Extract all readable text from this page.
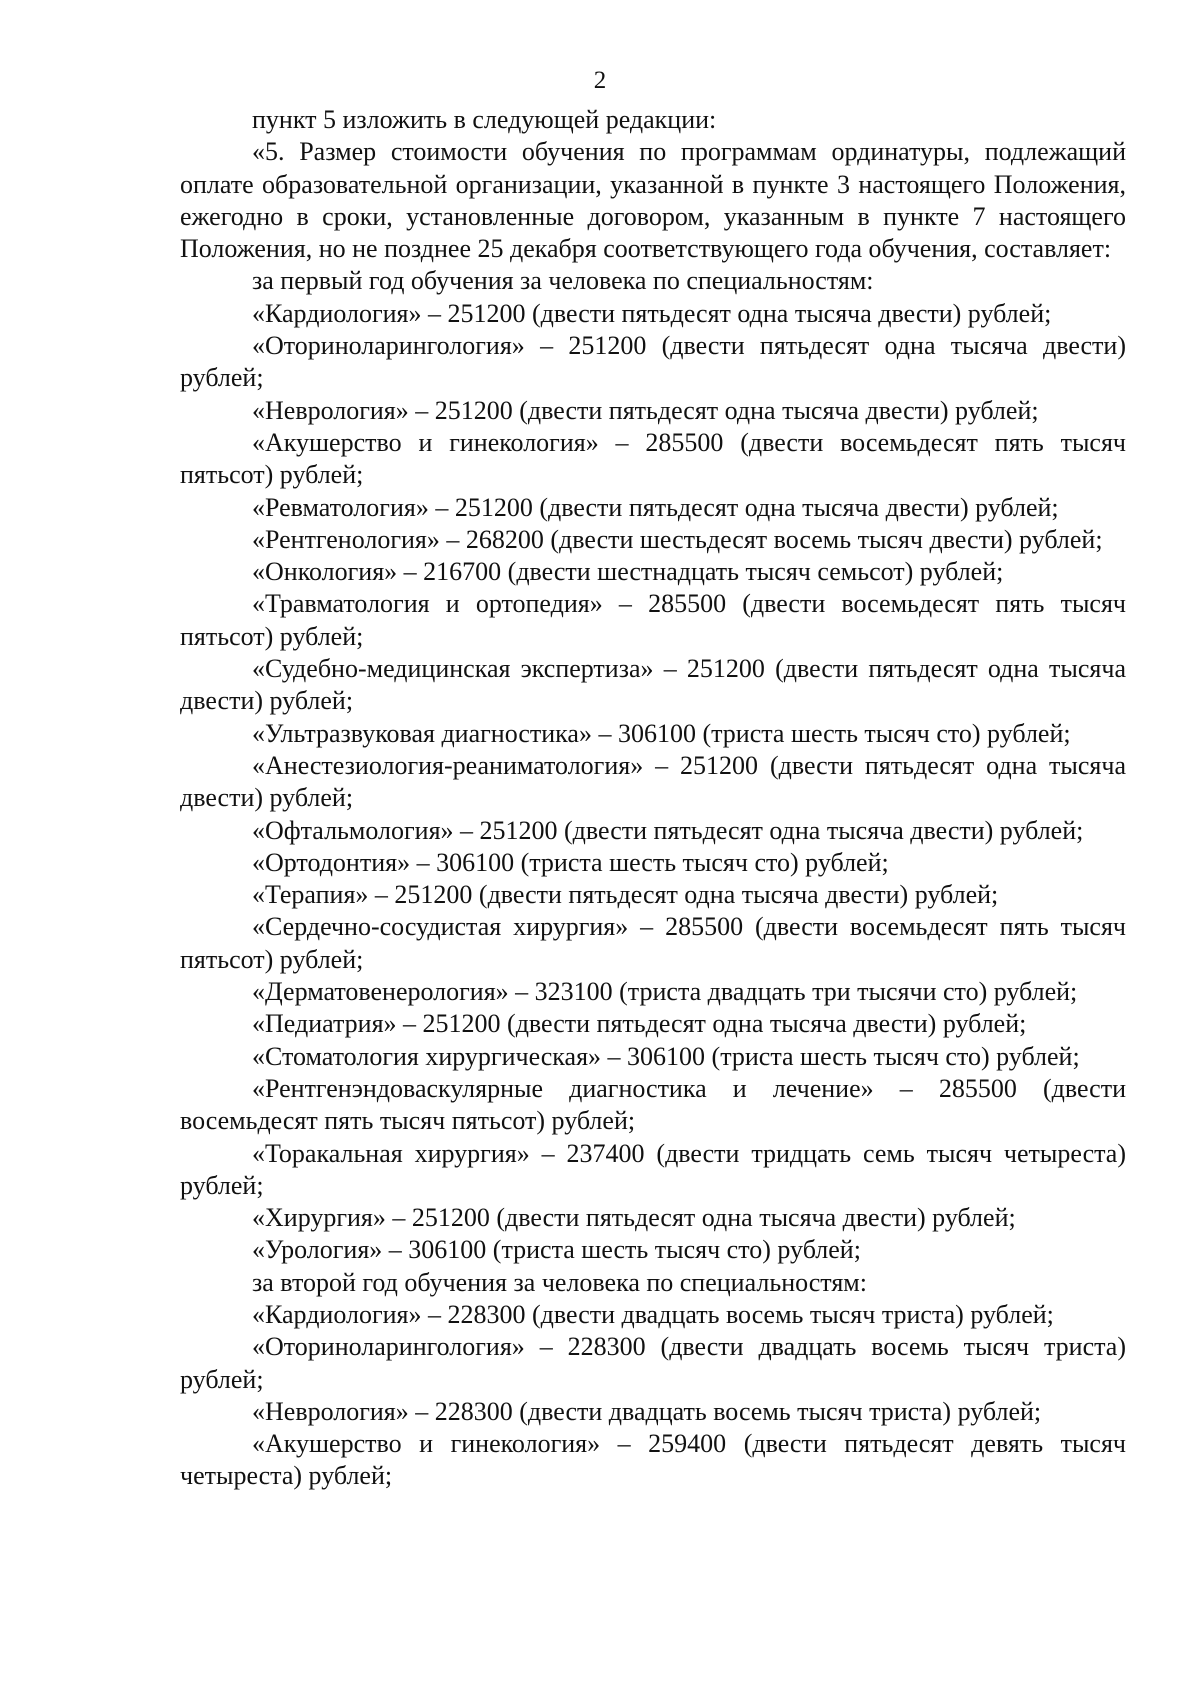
2

пункт 5 изложить в следующей редакции:

«5. Размер стоимости обучения по программам ординатуры, подлежащий оплате образовательной организации, указанной в пункте 3 настоящего Положения, ежегодно в сроки, установленные договором, указанным в пункте 7 настоящего Положения, но не позднее 25 декабря соответствующего года обучения, составляет:

за первый год обучения за человека по специальностям:

«Кардиология» – 251200 (двести пятьдесят одна тысяча двести) рублей;

«Оториноларингология» – 251200 (двести пятьдесят одна тысяча двести) рублей;

«Неврология» – 251200 (двести пятьдесят одна тысяча двести) рублей;

«Акушерство и гинекология» – 285500 (двести восемьдесят пять тысяч пятьсот) рублей;

«Ревматология» – 251200 (двести пятьдесят одна тысяча двести) рублей;

«Рентгенология» – 268200 (двести шестьдесят восемь тысяч двести) рублей;

«Онкология» – 216700 (двести шестнадцать тысяч семьсот) рублей;

«Травматология и ортопедия» – 285500 (двести восемьдесят пять тысяч пятьсот) рублей;

«Судебно-медицинская экспертиза» – 251200 (двести пятьдесят одна тысяча двести) рублей;

«Ультразвуковая диагностика» – 306100 (триста шесть тысяч сто) рублей;

«Анестезиология-реаниматология» – 251200 (двести пятьдесят одна тысяча двести) рублей;

«Офтальмология» – 251200 (двести пятьдесят одна тысяча двести) рублей;

«Ортодонтия» – 306100 (триста шесть тысяч сто) рублей;

«Терапия» – 251200 (двести пятьдесят одна тысяча двести) рублей;

«Сердечно-сосудистая хирургия» – 285500 (двести восемьдесят пять тысяч пятьсот) рублей;

«Дерматовенерология» – 323100 (триста двадцать три тысячи сто) рублей;

«Педиатрия» – 251200 (двести пятьдесят одна тысяча двести) рублей;

«Стоматология хирургическая» – 306100 (триста шесть тысяч сто) рублей;

«Рентгенэндоваскулярные диагностика и лечение» – 285500 (двести восемьдесят пять тысяч пятьсот) рублей;

«Торакальная хирургия» – 237400 (двести тридцать семь тысяч четыреста) рублей;

«Хирургия» – 251200 (двести пятьдесят одна тысяча двести) рублей;

«Урология» – 306100 (триста шесть тысяч сто) рублей;

за второй год обучения за человека по специальностям:

«Кардиология» – 228300 (двести двадцать восемь тысяч триста) рублей;

«Оториноларингология» – 228300 (двести двадцать восемь тысяч триста) рублей;

«Неврология» – 228300 (двести двадцать восемь тысяч триста) рублей;

«Акушерство и гинекология» – 259400 (двести пятьдесят девять тысяч четыреста) рублей;
